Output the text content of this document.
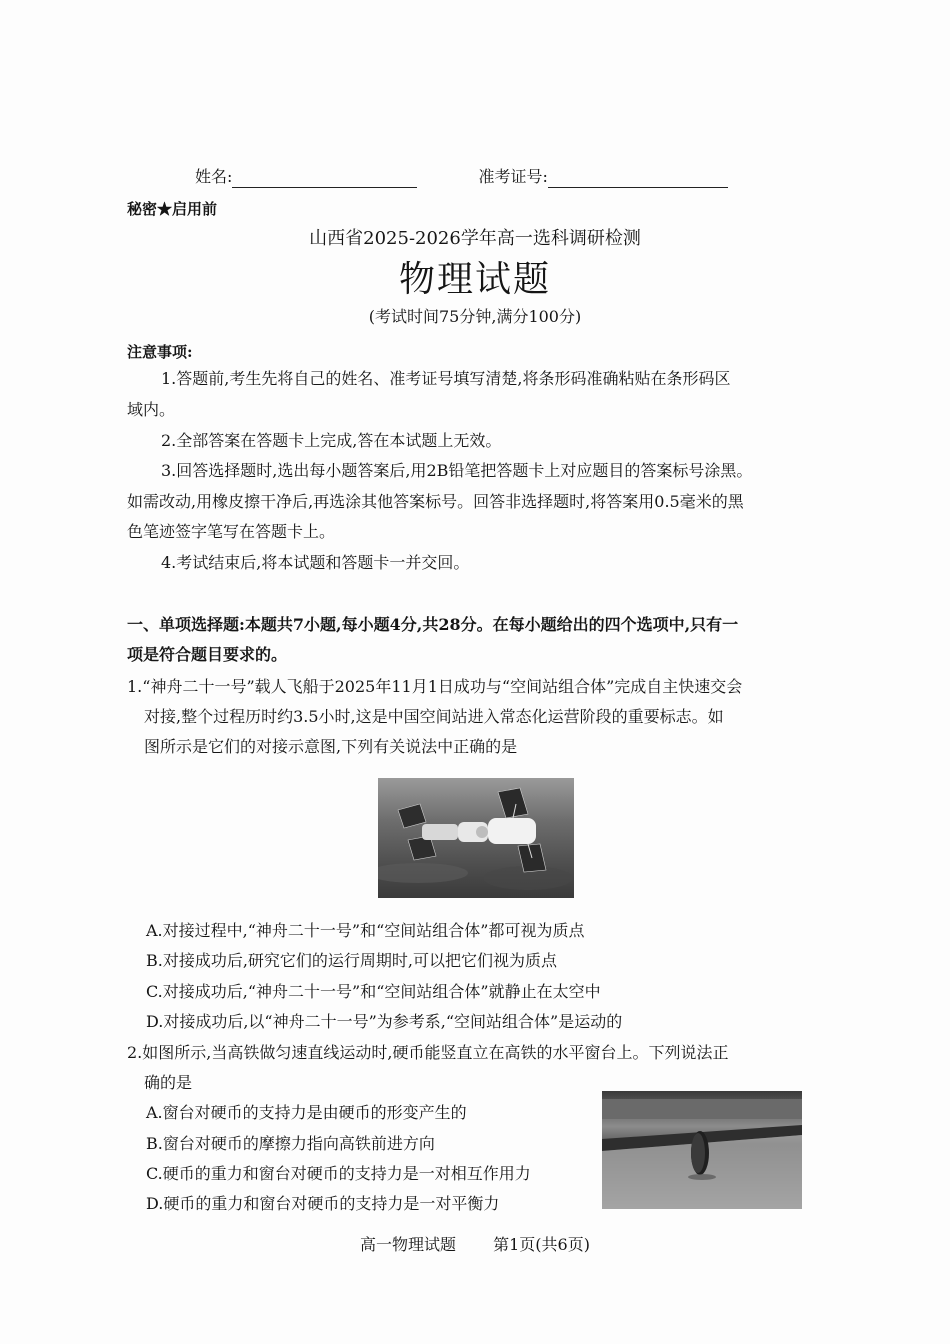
姓名:	准考证号:
秘密★启用前
山西省2025-2026学年高一选科调研检测
物理试题
(考试时间75分钟,满分100分)
注意事项:
1.答题前,考生先将自己的姓名、准考证号填写清楚,将条形码准确粘贴在条形码区
域内。
2.全部答案在答题卡上完成,答在本试题上无效。
3.回答选择题时,选出每小题答案后,用2B铅笔把答题卡上对应题目的答案标号涂黑。
如需改动,用橡皮擦干净后,再选涂其他答案标号。回答非选择题时,将答案用0.5毫米的黑
色笔迹签字笔写在答题卡上。
4.考试结束后,将本试题和答题卡一并交回。
一、单项选择题:本题共7小题,每小题4分,共28分。在每小题给出的四个选项中,只有一
项是符合题目要求的。
1.“神舟二十一号”载人飞船于2025年11月1日成功与“空间站组合体”完成自主快速交会
对接,整个过程历时约3.5小时,这是中国空间站进入常态化运营阶段的重要标志。如
图所示是它们的对接示意图,下列有关说法中正确的是
A.对接过程中,“神舟二十一号”和“空间站组合体”都可视为质点
B.对接成功后,研究它们的运行周期时,可以把它们视为质点
C.对接成功后,“神舟二十一号”和“空间站组合体”就静止在太空中
D.对接成功后,以“神舟二十一号”为参考系,“空间站组合体”是运动的
2.如图所示,当高铁做匀速直线运动时,硬币能竖直立在高铁的水平窗台上。下列说法正
确的是
A.窗台对硬币的支持力是由硬币的形变产生的
B.窗台对硬币的摩擦力指向高铁前进方向
C.硬币的重力和窗台对硬币的支持力是一对相互作用力
D.硬币的重力和窗台对硬币的支持力是一对平衡力
高一物理试题 第1页(共6页)
